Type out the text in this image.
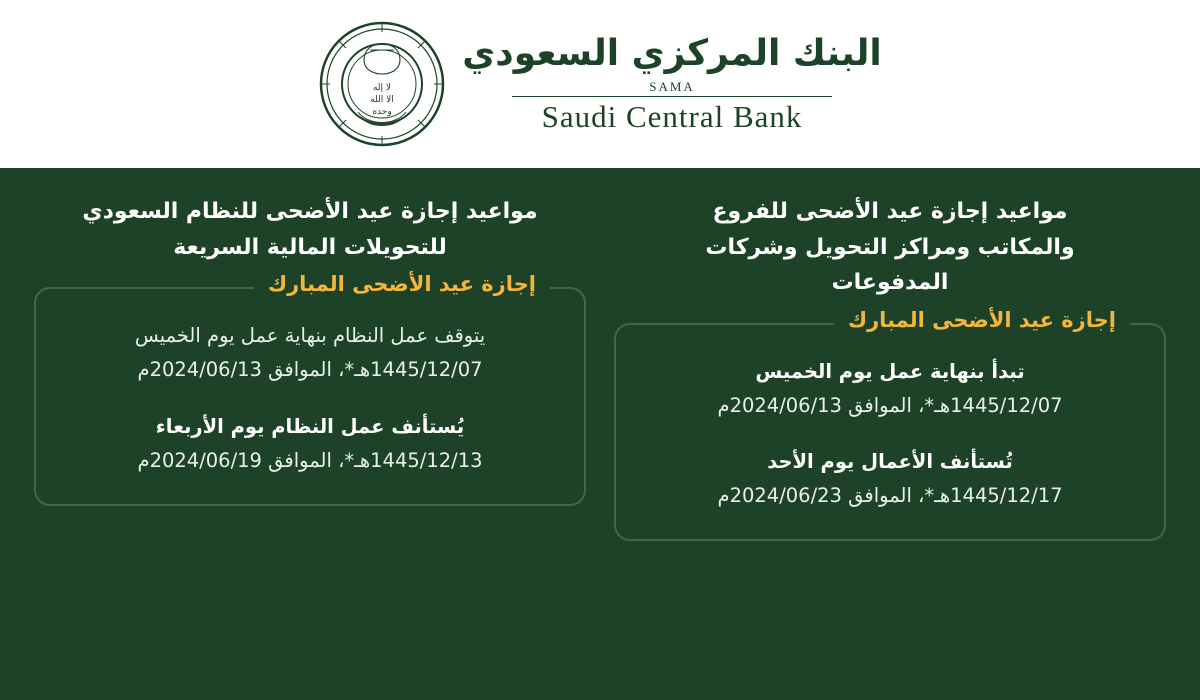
لا إله
الا الله
وحده
البنك المركزي السعودي
SAMA
Saudi Central Bank
مواعيد إجازة عيد الأضحى للفروع والمكاتب ومراكز التحويل وشركات المدفوعات
إجازة عيد الأضحى المبارك
تبدأ بنهاية عمل يوم الخميس
1445/12/07هـ*، الموافق 2024/06/13م
تُستأنف الأعمال يوم الأحد
1445/12/17هـ*، الموافق 2024/06/23م
مواعيد إجازة عيد الأضحى للنظام السعودي للتحويلات المالية السريعة
إجازة عيد الأضحى المبارك
يتوقف عمل النظام بنهاية عمل يوم الخميس
1445/12/07هـ*، الموافق 2024/06/13م
يُستأنف عمل النظام يوم الأربعاء
1445/12/13هـ*، الموافق 2024/06/19م
